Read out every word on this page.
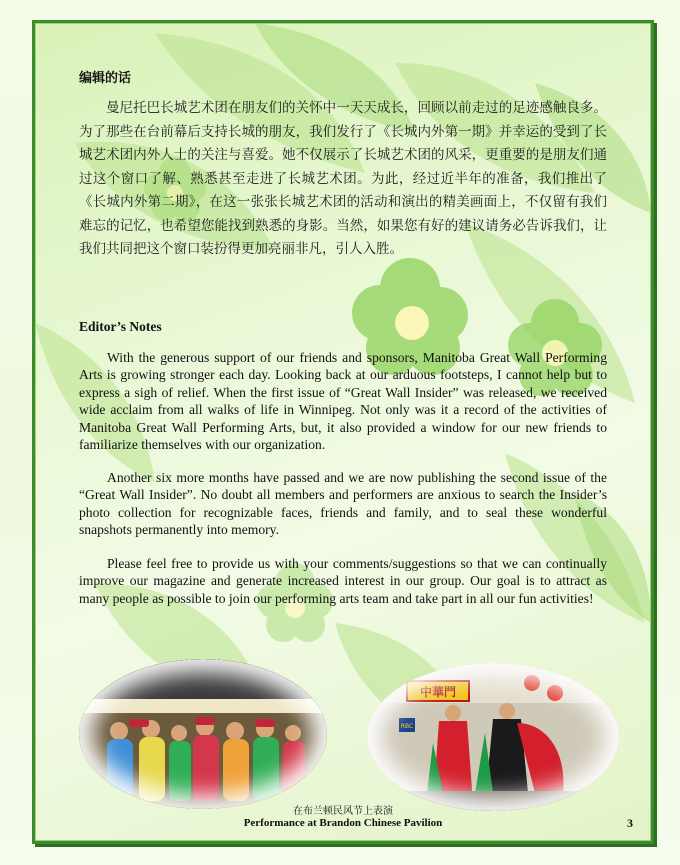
编辑的话

曼尼托巴长城艺术团在朋友们的关怀中一天天成长，回顾以前走过的足迹感触良多。为了那些在台前幕后支持长城的朋友，我们发行了《长城内外第一期》并幸运的受到了长城艺术团内外人士的关注与喜爱。她不仅展示了长城艺术团的风采，更重要的是朋友们通过这个窗口了解、熟悉甚至走进了长城艺术团。为此，经过近半年的准备，我们推出了《长城内外第二期》，在这一张张长城艺术团的活动和演出的精美画面上，不仅留有我们难忘的记忆，也希望您能找到熟悉的身影。当然，如果您有好的建议请务必告诉我们，让我们共同把这个窗口装扮得更加亮丽非凡，引人入胜。

Editor’s Notes

With the generous support of our friends and sponsors, Manitoba Great Wall Performing Arts is growing stronger each day. Looking back at our arduous footsteps, I cannot help but to express a sigh of relief. When the first issue of “Great Wall Insider” was released, we received wide acclaim from all walks of life in Winnipeg. Not only was it a record of the activities of Manitoba Great Wall Performing Arts, but, it also provided a window for our new friends to familiarize themselves with our organization.

Another six more months have passed and we are now publishing the second issue of the “Great Wall Insider”. No doubt all members and performers are anxious to search the Insider’s photo collection for recognizable faces, friends and family, and to seal these wonderful snapshots permanently into memory.

Please feel free to provide us with your comments/suggestions so that we can continually improve our magazine and generate increased interest in our group. Our goal is to attract as many people as possible to join our performing arts team and take part in all our fun activities!

中華門
RBC
在布兰顿民风节上表演
Performance at Brandon Chinese Pavilion	3
